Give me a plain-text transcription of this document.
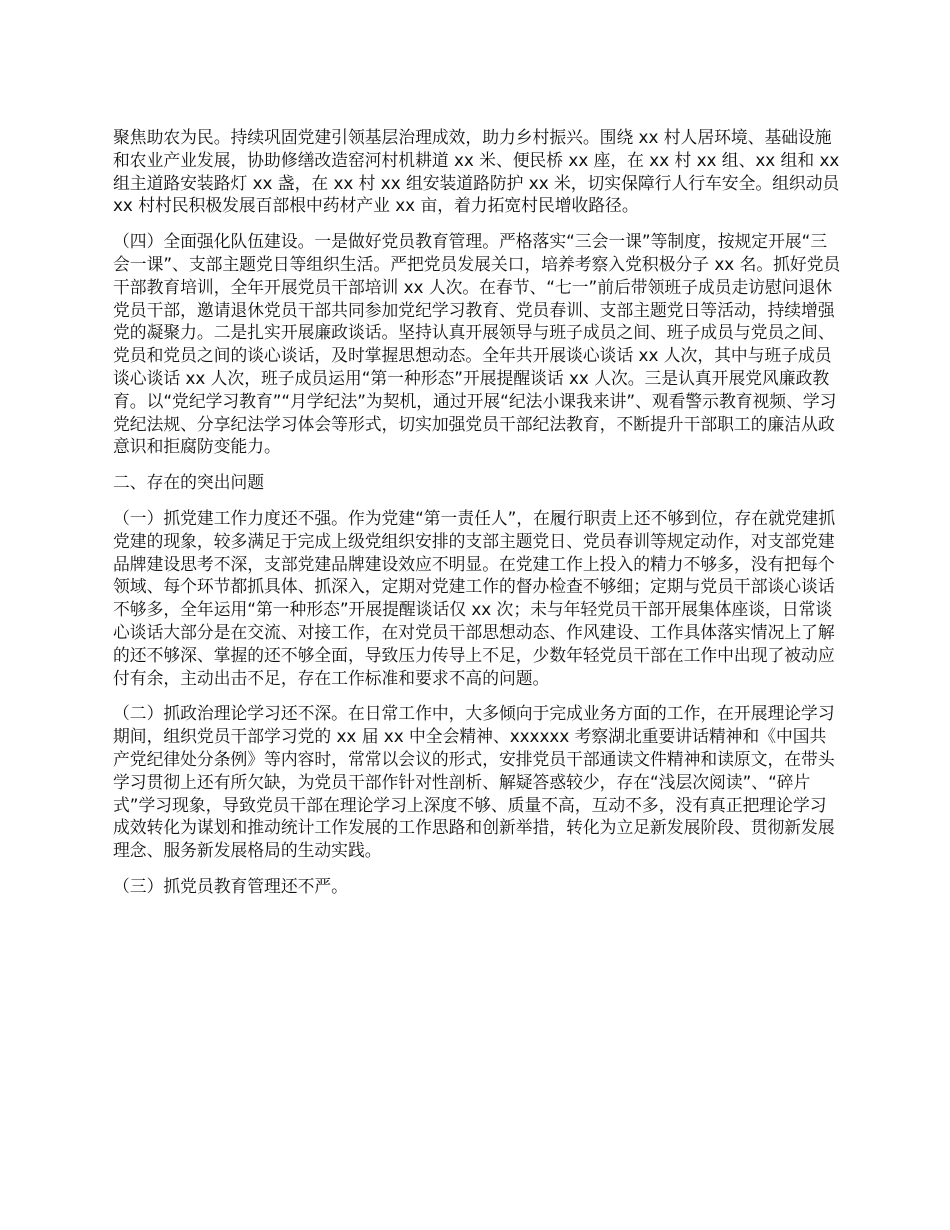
聚焦助农为民。持续巩固党建引领基层治理成效，助力乡村振兴。围绕 xx 村人居环境、基础设施和农业产业发展，协助修缮改造窑河村机耕道 xx 米、便民桥 xx 座，在 xx 村 xx 组、xx 组和 xx 组主道路安装路灯 xx 盏，在 xx 村 xx 组安装道路防护 xx 米，切实保障行人行车安全。组织动员 xx 村村民积极发展百部根中药材产业 xx 亩，着力拓宽村民增收路径。

（四）全面强化队伍建设。一是做好党员教育管理。严格落实“三会一课”等制度，按规定开展“三会一课”、支部主题党日等组织生活。严把党员发展关口，培养考察入党积极分子 xx 名。抓好党员干部教育培训，全年开展党员干部培训 xx 人次。在春节、“七一”前后带领班子成员走访慰问退休党员干部，邀请退休党员干部共同参加党纪学习教育、党员春训、支部主题党日等活动，持续增强党的凝聚力。二是扎实开展廉政谈话。坚持认真开展领导与班子成员之间、班子成员与党员之间、党员和党员之间的谈心谈话，及时掌握思想动态。全年共开展谈心谈话 xx 人次，其中与班子成员谈心谈话 xx 人次，班子成员运用“第一种形态”开展提醒谈话 xx 人次。三是认真开展党风廉政教育。以“党纪学习教育”“月学纪法”为契机，通过开展“纪法小课我来讲”、观看警示教育视频、学习党纪法规、分享纪法学习体会等形式，切实加强党员干部纪法教育，不断提升干部职工的廉洁从政意识和拒腐防变能力。

二、存在的突出问题

（一）抓党建工作力度还不强。作为党建“第一责任人”，在履行职责上还不够到位，存在就党建抓党建的现象，较多满足于完成上级党组织安排的支部主题党日、党员春训等规定动作，对支部党建品牌建设思考不深，支部党建品牌建设效应不明显。在党建工作上投入的精力不够多，没有把每个领域、每个环节都抓具体、抓深入，定期对党建工作的督办检查不够细；定期与党员干部谈心谈话不够多，全年运用“第一种形态”开展提醒谈话仅 xx 次；未与年轻党员干部开展集体座谈，日常谈心谈话大部分是在交流、对接工作，在对党员干部思想动态、作风建设、工作具体落实情况上了解的还不够深、掌握的还不够全面，导致压力传导上不足，少数年轻党员干部在工作中出现了被动应付有余，主动出击不足，存在工作标准和要求不高的问题。

（二）抓政治理论学习还不深。在日常工作中，大多倾向于完成业务方面的工作，在开展理论学习期间，组织党员干部学习党的 xx 届 xx 中全会精神、xxxxxx 考察湖北重要讲话精神和《中国共产党纪律处分条例》等内容时，常常以会议的形式，安排党员干部通读文件精神和读原文，在带头学习贯彻上还有所欠缺，为党员干部作针对性剖析、解疑答惑较少，存在“浅层次阅读”、“碎片式”学习现象，导致党员干部在理论学习上深度不够、质量不高，互动不多，没有真正把理论学习成效转化为谋划和推动统计工作发展的工作思路和创新举措，转化为立足新发展阶段、贯彻新发展理念、服务新发展格局的生动实践。

（三）抓党员教育管理还不严。
